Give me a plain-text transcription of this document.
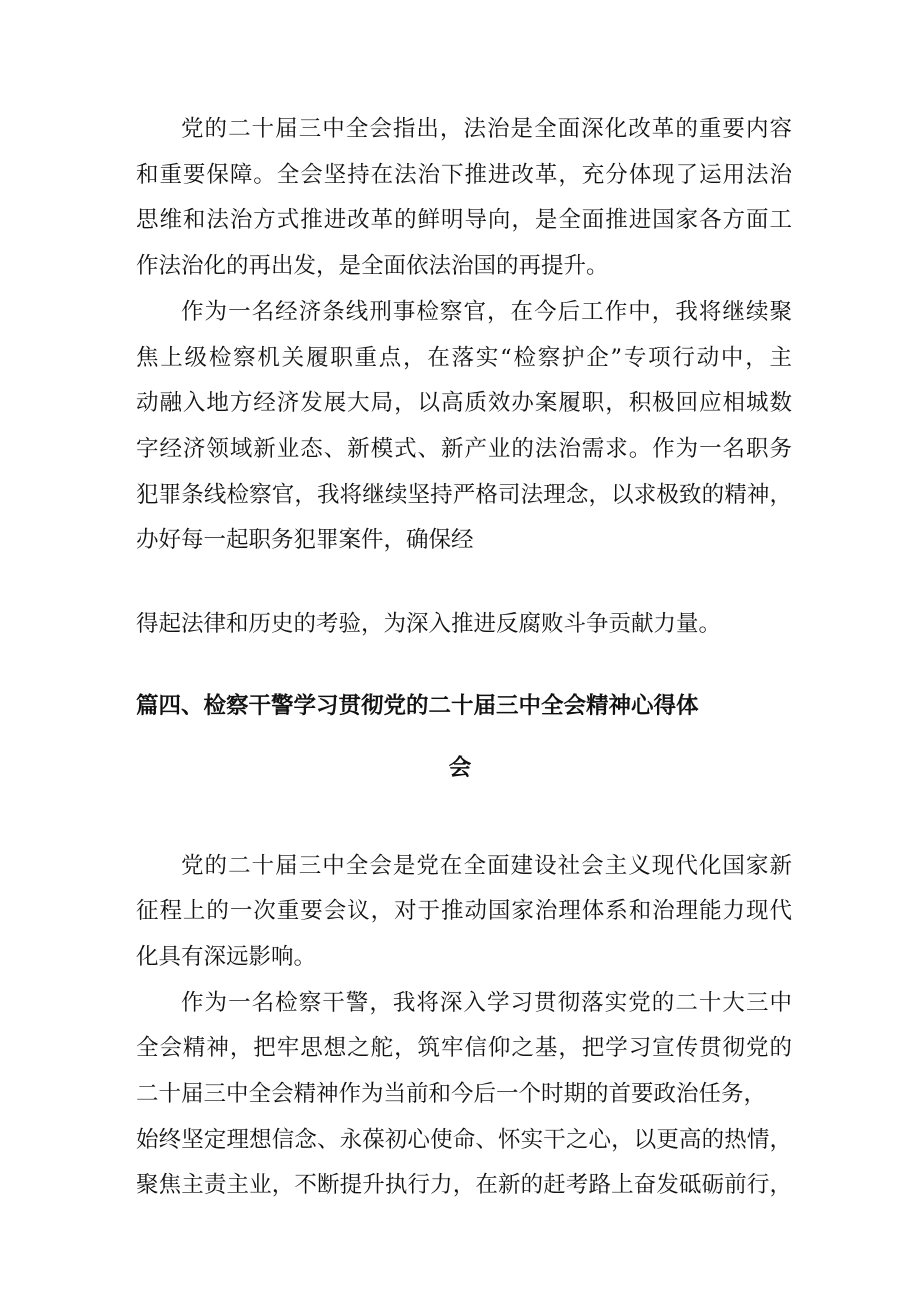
党的二十届三中全会指出，法治是全面深化改革的重要内容

和重要保障。全会坚持在法治下推进改革，充分体现了运用法治

思维和法治方式推进改革的鲜明导向，是全面推进国家各方面工

作法治化的再出发，是全面依法治国的再提升。

作为一名经济条线刑事检察官，在今后工作中，我将继续聚

焦上级检察机关履职重点，在落实“检察护企”专项行动中，主

动融入地方经济发展大局，以高质效办案履职，积极回应相城数

字经济领域新业态、新模式、新产业的法治需求。作为一名职务

犯罪条线检察官，我将继续坚持严格司法理念，以求极致的精神，

办好每一起职务犯罪案件，确保经

得起法律和历史的考验，为深入推进反腐败斗争贡献力量。

篇四、检察干警学习贯彻党的二十届三中全会精神心得体
会

党的二十届三中全会是党在全面建设社会主义现代化国家新

征程上的一次重要会议，对于推动国家治理体系和治理能力现代

化具有深远影响。

作为一名检察干警，我将深入学习贯彻落实党的二十大三中

全会精神，把牢思想之舵，筑牢信仰之基，把学习宣传贯彻党的

二十届三中全会精神作为当前和今后一个时期的首要政治任务，

始终坚定理想信念、永葆初心使命、怀实干之心，以更高的热情，

聚焦主责主业，不断提升执行力，在新的赶考路上奋发砥砺前行，
